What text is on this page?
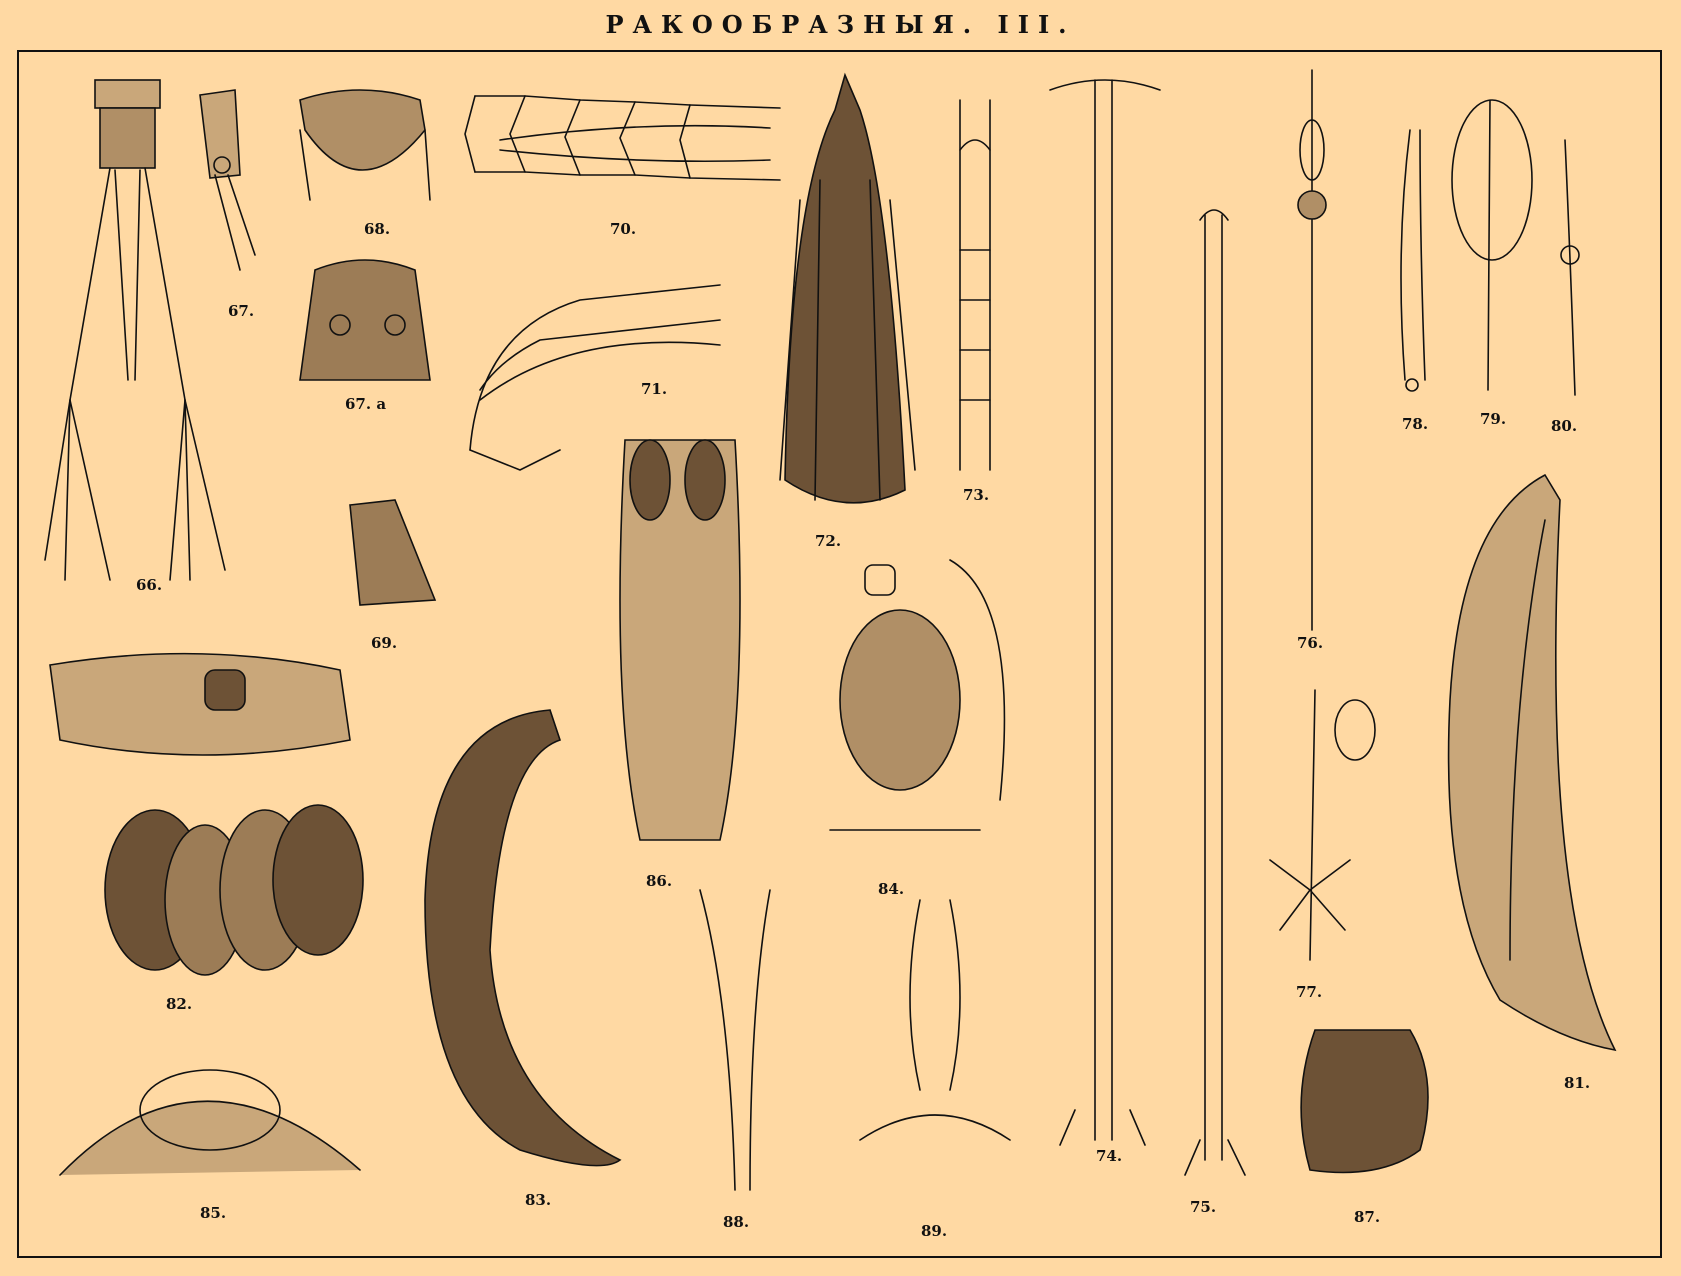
РАКООБРАЗНЫЯ. III.
66.
67.
67. a
68.
69.
70.
71.
72.
73.
74.
75.
76.
77.
78.	79.	80.
81.
82.
83.
84.
85.
86.
87.
88.	89.
